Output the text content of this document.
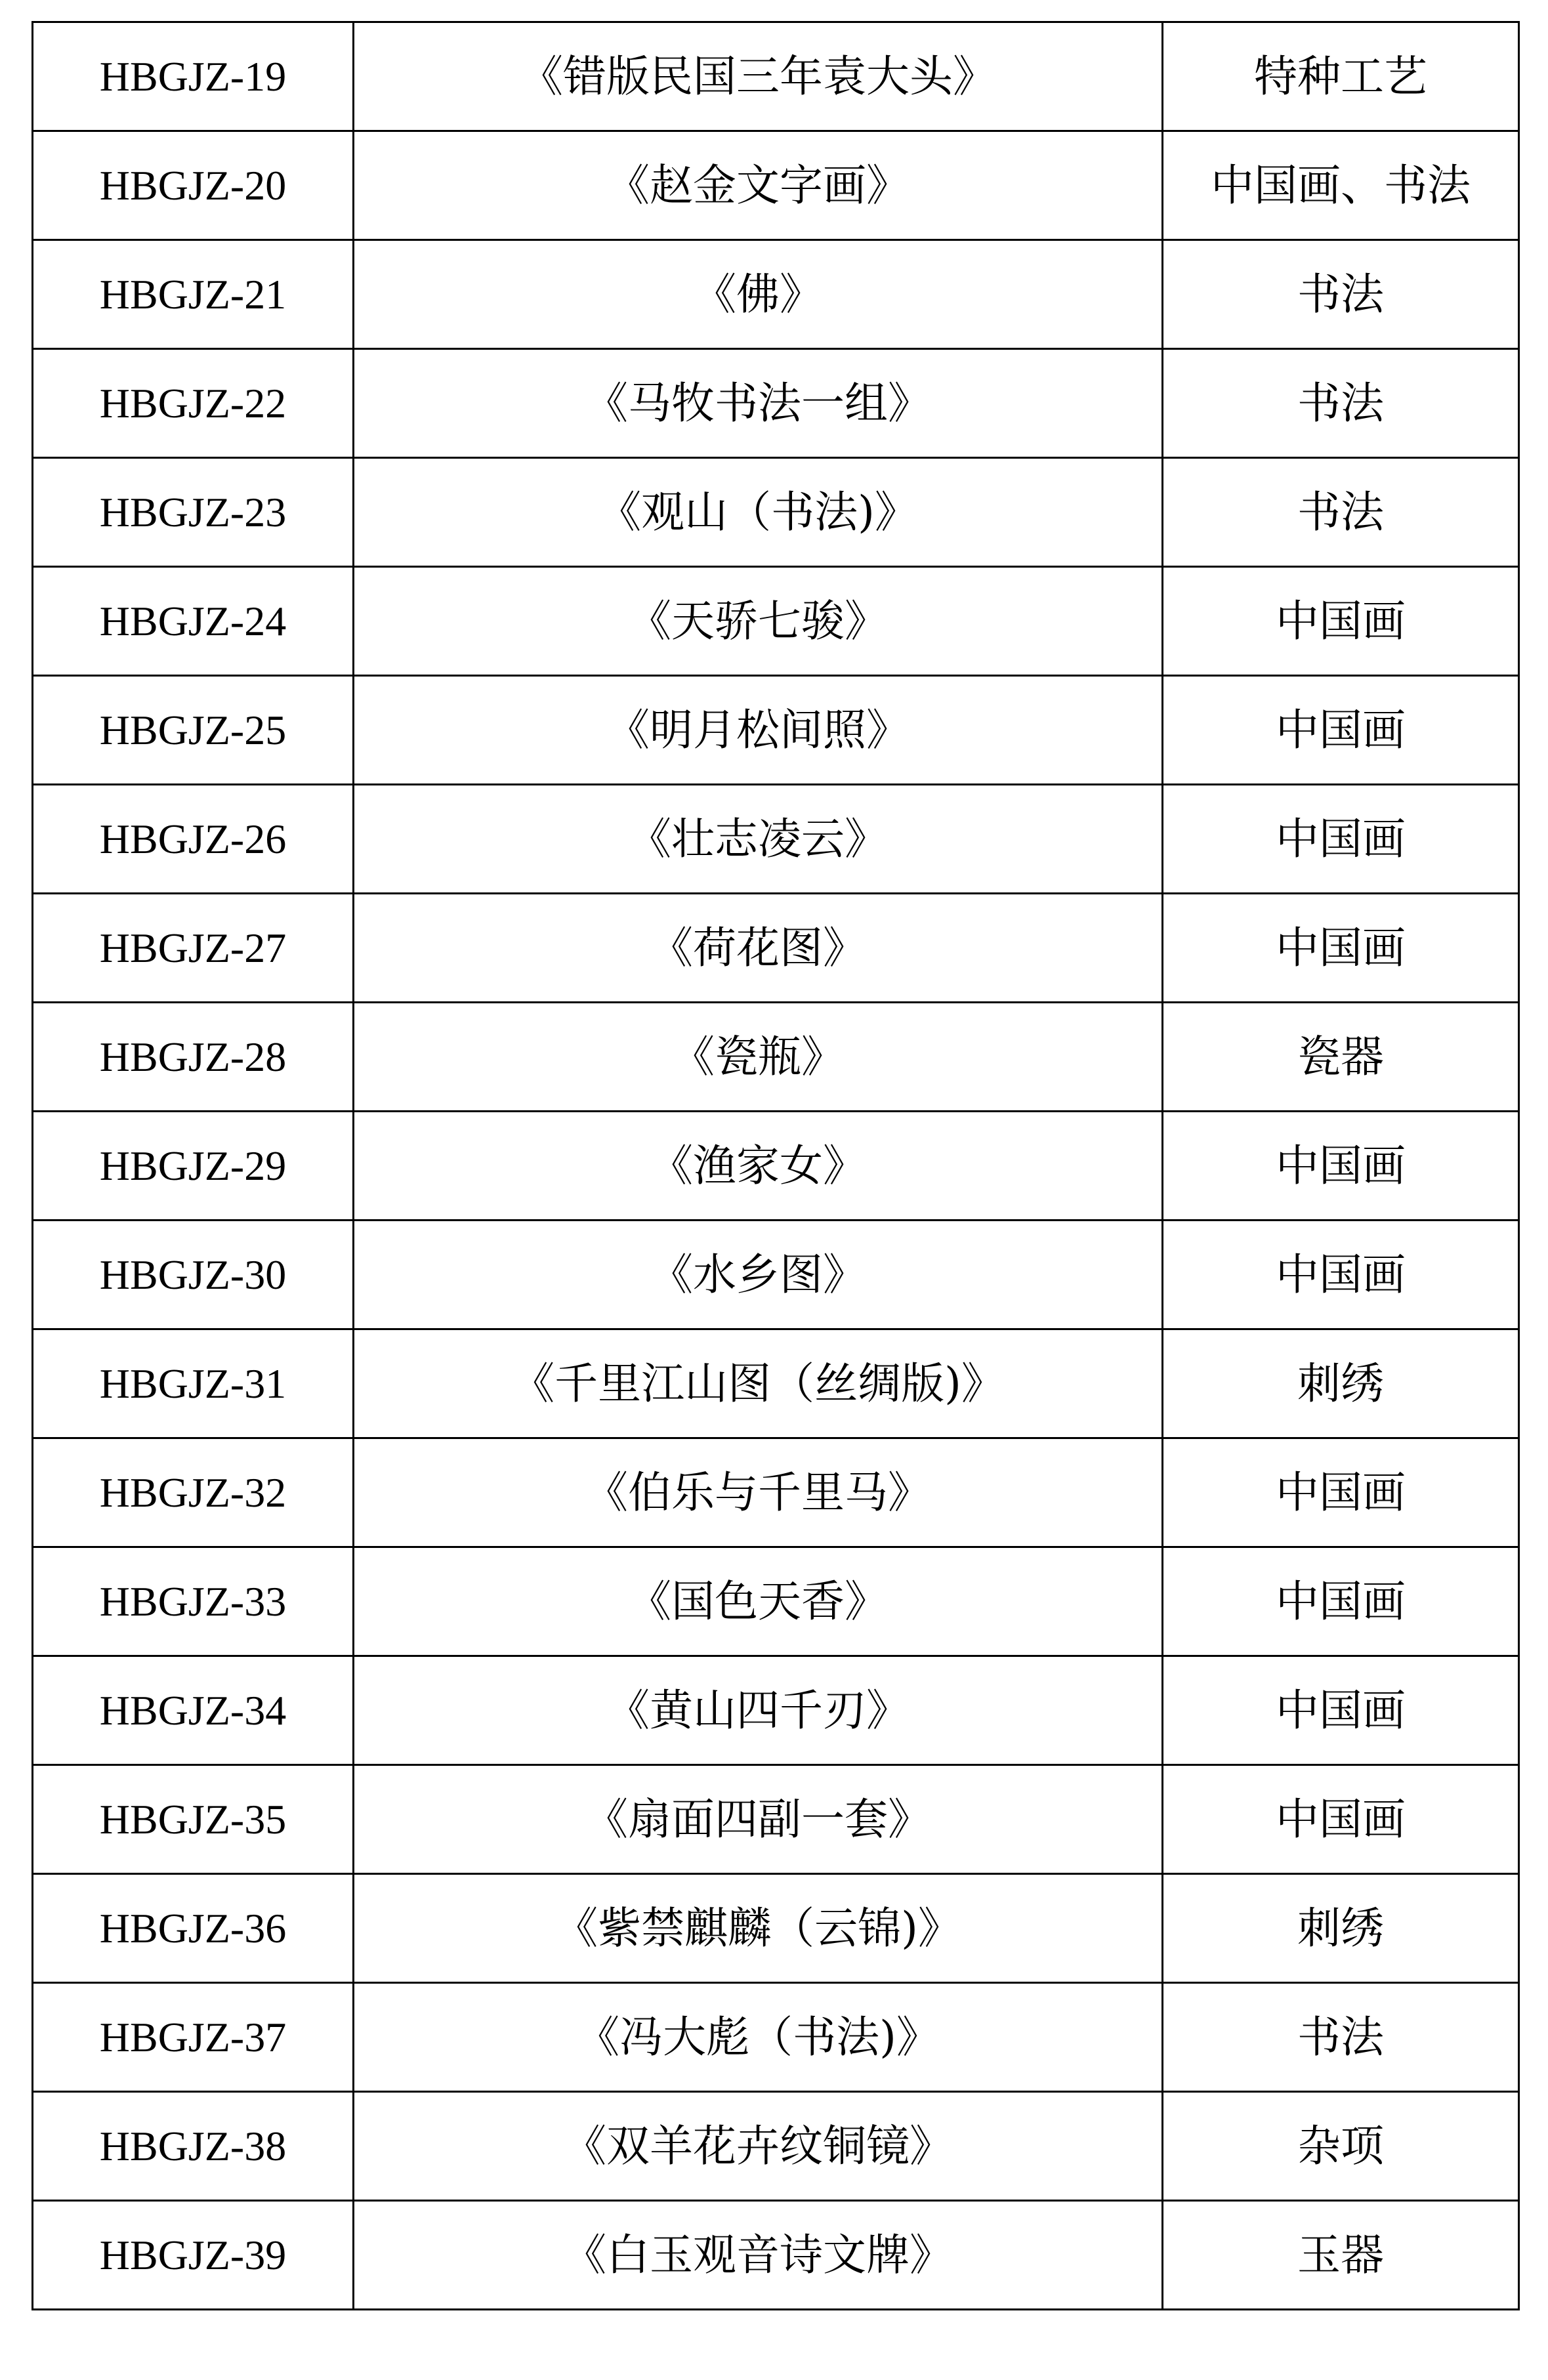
HBGJZ-19	《错版民国三年袁大头》	特种工艺
HBGJZ-20	《赵金文字画》	中国画、书法
HBGJZ-21	《佛》	书法
HBGJZ-22	《马牧书法一组》	书法
HBGJZ-23	《观山（书法)》	书法
HBGJZ-24	《天骄七骏》	中国画
HBGJZ-25	《明月松间照》	中国画
HBGJZ-26	《壮志凌云》	中国画
HBGJZ-27	《荷花图》	中国画
HBGJZ-28	《瓷瓶》	瓷器
HBGJZ-29	《渔家女》	中国画
HBGJZ-30	《水乡图》	中国画
HBGJZ-31	《千里江山图（丝绸版)》	刺绣
HBGJZ-32	《伯乐与千里马》	中国画
HBGJZ-33	《国色天香》	中国画
HBGJZ-34	《黄山四千刃》	中国画
HBGJZ-35	《扇面四副一套》	中国画
HBGJZ-36	《紫禁麒麟（云锦)》	刺绣
HBGJZ-37	《冯大彪（书法)》	书法
HBGJZ-38	《双羊花卉纹铜镜》	杂项
HBGJZ-39	《白玉观音诗文牌》	玉器
